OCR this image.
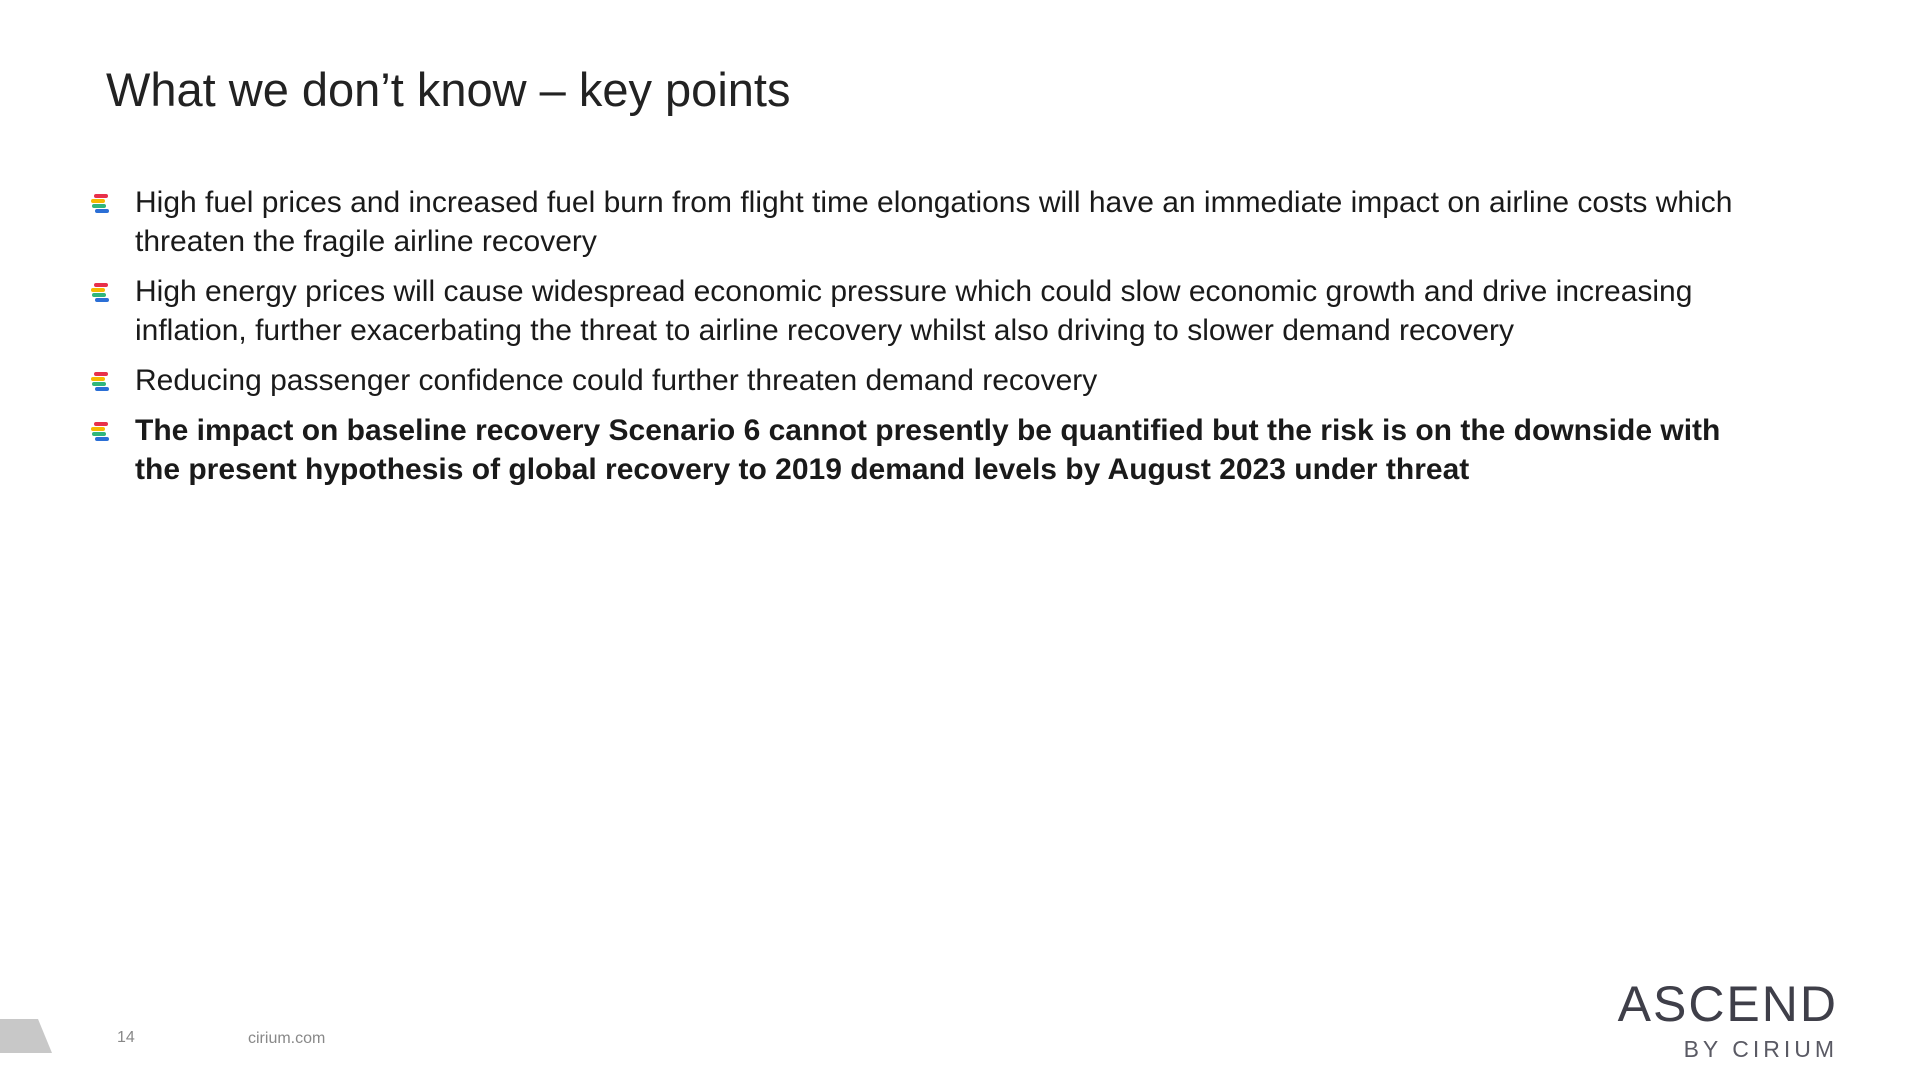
What we don’t know – key points
High fuel prices and increased fuel burn from flight time elongations will have an immediate impact on airline costs which threaten the fragile airline recovery
High energy prices will cause widespread economic pressure which could slow economic growth and drive increasing inflation, further exacerbating the threat to airline recovery whilst also driving to slower demand recovery
Reducing passenger confidence could further threaten demand recovery
The impact on baseline recovery Scenario 6 cannot presently be quantified but the risk is on the downside with the present hypothesis of global recovery to 2019 demand levels by August 2023 under threat
14	cirium.com
ASCEND
BY CIRIUM
